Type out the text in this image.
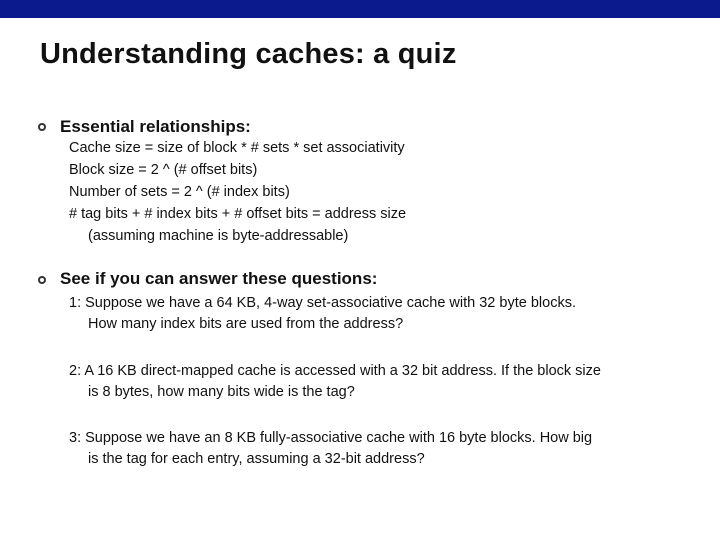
Understanding caches: a quiz
Essential relationships:
Cache size = size of block * # sets * set associativity
Block size = 2 ^ (# offset bits)
Number of sets = 2 ^ (# index bits)
# tag bits + # index bits + # offset bits = address size
(assuming machine is byte-addressable)
See if you can answer these questions:
1: Suppose we have a 64 KB, 4-way set-associative cache with 32 byte blocks.
How many index bits are used from the address?
2: A 16 KB direct-mapped cache is accessed with a 32 bit address. If the block size
is 8 bytes, how many bits wide is the tag?
3: Suppose we have an 8 KB fully-associative cache with 16 byte blocks. How big
is the tag for each entry, assuming a 32-bit address?
